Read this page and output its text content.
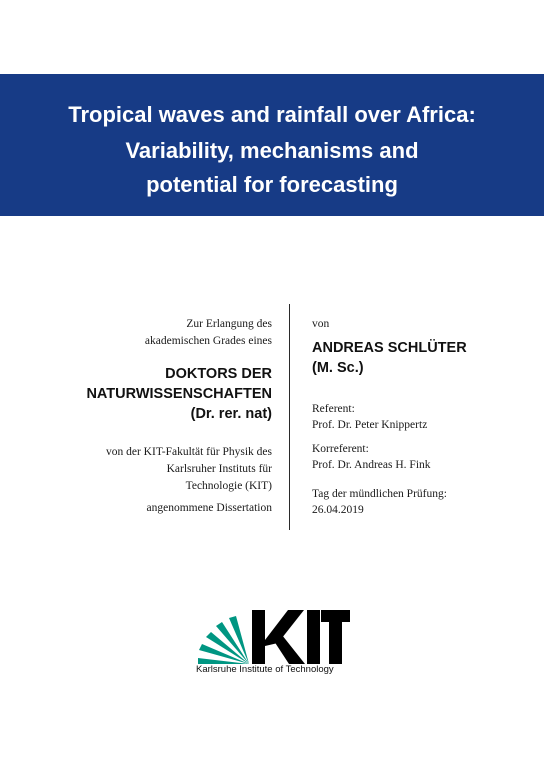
Tropical waves and rainfall over Africa:
Variability, mechanisms and
potential for forecasting
Zur Erlangung des
akademischen Grades eines
DOKTORS DER
NATURWISSENSCHAFTEN
(Dr. rer. nat)
von der KIT-Fakultät für Physik des
Karlsruher Instituts für
Technologie (KIT)
angenommene Dissertation
von
ANDREAS SCHLÜTER
(M. Sc.)
Referent:
Prof. Dr. Peter Knippertz
Korreferent:
Prof. Dr. Andreas H. Fink
Tag der mündlichen Prüfung:
26.04.2019
Karlsruhe Institute of Technology
